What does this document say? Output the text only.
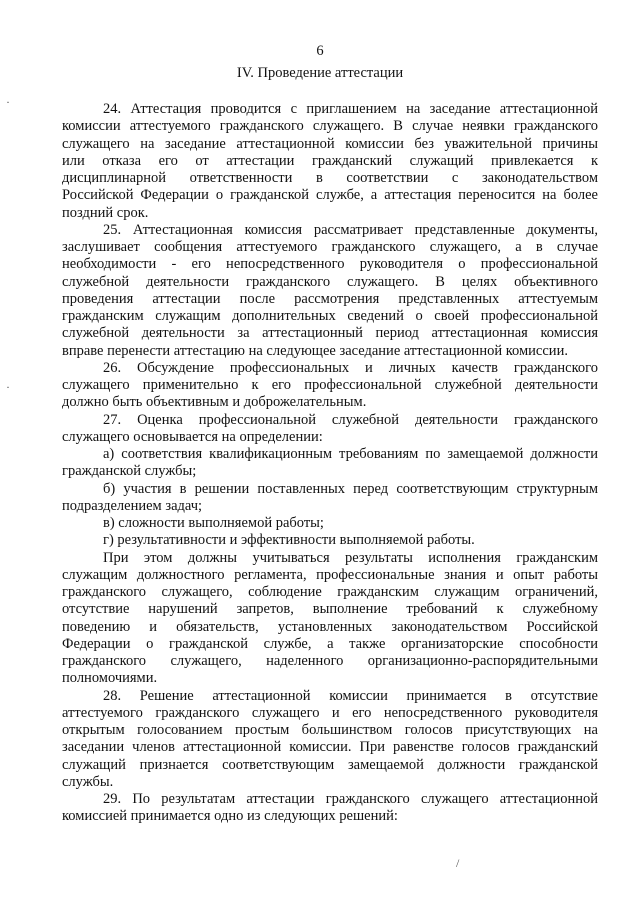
6
IV. Проведение аттестации
24. Аттестация проводится с приглашением на заседание аттестационной
комиссии аттестуемого гражданского служащего. В случае неявки гражданского
служащего на заседание аттестационной комиссии без уважительной причины
или отказа его от аттестации гражданский служащий привлекается к
дисциплинарной ответственности в соответствии с законодательством
Российской Федерации о гражданской службе, а аттестация переносится на более
поздний срок.
25. Аттестационная комиссия рассматривает представленные документы,
заслушивает сообщения аттестуемого гражданского служащего, а в случае
необходимости - его непосредственного руководителя о профессиональной
служебной деятельности гражданского служащего. В целях объективного
проведения аттестации после рассмотрения представленных аттестуемым
гражданским служащим дополнительных сведений о своей профессиональной
служебной деятельности за аттестационный период аттестационная комиссия
вправе перенести аттестацию на следующее заседание аттестационной комиссии.
26. Обсуждение профессиональных и личных качеств гражданского
служащего применительно к его профессиональной служебной деятельности
должно быть объективным и доброжелательным.
27. Оценка профессиональной служебной деятельности гражданского
служащего основывается на определении:
а) соответствия квалификационным требованиям по замещаемой должности
гражданской службы;
б) участия в решении поставленных перед соответствующим структурным
подразделением задач;
в) сложности выполняемой работы;
г) результативности и эффективности выполняемой работы.
При этом должны учитываться результаты исполнения гражданским
служащим должностного регламента, профессиональные знания и опыт работы
гражданского служащего, соблюдение гражданским служащим ограничений,
отсутствие нарушений запретов, выполнение требований к служебному
поведению и обязательств, установленных законодательством Российской
Федерации о гражданской службе, а также организаторские способности
гражданского служащего, наделенного организационно-распорядительными
полномочиями.
28. Решение аттестационной комиссии принимается в отсутствие
аттестуемого гражданского служащего и его непосредственного руководителя
открытым голосованием простым большинством голосов присутствующих на
заседании членов аттестационной комиссии. При равенстве голосов гражданский
служащий признается соответствующим замещаемой должности гражданской
службы.
29. По результатам аттестации гражданского служащего аттестационной
комиссией принимается одно из следующих решений:
·
·
/
